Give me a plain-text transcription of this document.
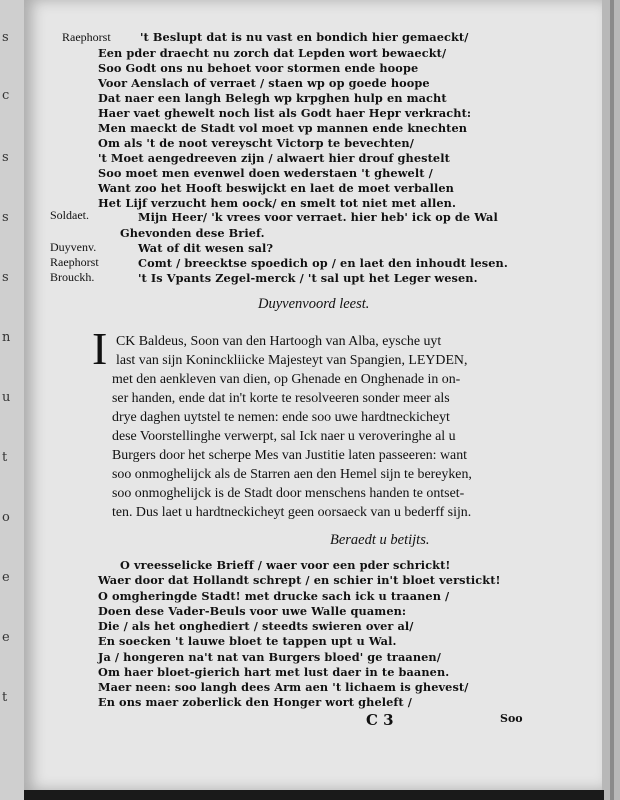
Raephorst
Soldaet.
Duyvenv.
Raephorst
Brouckh.
't Beslupt dat is nu vast en bondich hier gemaeckt/
Een pder draecht nu zorch dat Lepden wort bewaeckt/
Soo Godt ons nu behoet voor stormen ende hoope
Voor Aenslach of verraet / staen wp op goede hoope
Dat naer een langh Belegh wp krpghen hulp en macht
Haer vaet ghewelt noch list als Godt haer Hepr verkracht:
Men maeckt de Stadt vol moet vp mannen ende knechten
Om als 't de noot vereyscht Victorp te bevechten/
't Moet aengedreeven zijn / alwaert hier drouf ghestelt
Soo moet men evenwel doen wederstaen 't ghewelt /
Want zoo het Hooft beswijckt en laet de moet verballen
Het Lijf verzucht hem oock/ en smelt tot niet met allen.
Mijn Heer/ 'k vrees voor verraet. hier heb' ick op de Wal
Ghevonden dese Brief.
Wat of dit wesen sal?
Comt / breecktse spoedich op / en laet den inhoudt lesen.
't Is Vpants Zegel-merck / 't sal upt het Leger wesen.
Duyvenvoord leest.
I CK Baldeus, Soon van den Hartoogh van Alba, eysche uyt
last van sijn Koninckliicke Majesteyt van Spangien, LEYDEN,
met den aenkleven van dien, op Ghenade en Onghenade in on-
ser handen, ende dat in't korte te resolveeren sonder meer als
drye daghen uytstel te nemen: ende soo uwe hardtneckicheyt
dese Voorstellinghe verwerpt, sal Ick naer u veroveringhe al u
Burgers door het scherpe Mes van Justitie laten passeeren: want
soo onmoghelijck als de Starren aen den Hemel sijn te bereyken,
soo onmoghelijck is de Stadt door menschens handen te ontset-
ten. Dus laet u hardtneckicheyt geen oorsaeck van u bederff sijn.
Beraedt u betijts.
O vreesselicke Brieff / waer voor een pder schrickt!
Waer door dat Hollandt schrept / en schier in't bloet verstickt!
O omgheringde Stadt! met drucke sach ick u traanen /
Doen dese Vader-Beuls voor uwe Walle quamen:
Die / als het onghediert / steedts swieren over al/
En soecken 't lauwe bloet te tappen upt u Wal.
Ja / hongeren na't nat van Burgers bloed' ge traanen/
Om haer bloet-gierich hart met lust daer in te baanen.
Maer neen: soo langh dees Arm aen 't lichaem is ghevest/
En ons maer zoberlick den Honger wort gheleft /
C 3	Soo
s
c
s
s
s
n
u
t
o
e
e
t
